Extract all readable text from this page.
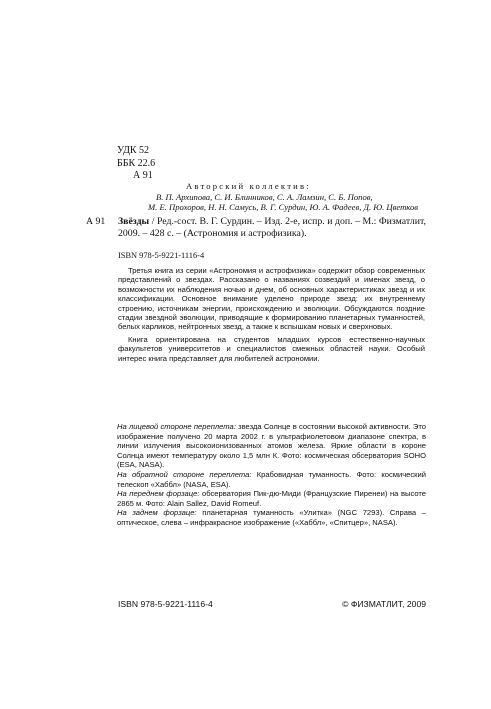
УДК 52
ББК 22.6
А 91
Авторский коллектив:
В. П. Архипова, С. И. Блинников, С. А. Ламзин, С. Б. Попов,
М. Е. Прохоров, Н. Н. Самусь, В. Г. Сурдин, Ю. А. Фадеев, Д. Ю. Цветков
А 91 Звёзды / Ред.-сост. В. Г. Сурдин. – Изд. 2-е, испр. и доп. – М.: Физматлит, 2009. – 428 с. – (Астрономия и астрофизика).
ISBN 978-5-9221-1116-4

Третья книга из серии «Астрономия и астрофизика» содержит обзор современных представлений о звездах. Рассказано о названиях созвездий и именах звезд, о возможности их наблюдения ночью и днем, об основных характеристиках звезд и их классификации. Основное внимание уделено природе звезд: их внутреннему строению, источникам энергии, происхождению и эволюции. Обсуждаются поздние стадии звездной эволюции, приводящие к формированию планетарных туманностей, белых карликов, нейтронных звезд, а также к вспышкам новых и сверхновых.

Книга ориентирована на студентов младших курсов естественно-научных факультетов университетов и специалистов смежных областей науки. Особый интерес книга представляет для любителей астрономии.

На лицевой стороне переплета: звезда Солнце в состоянии высокой активности. Это изображение получено 20 марта 2002 г. в ультрафиолетовом диапазоне спектра, в линии излучения высокоионизованных атомов железа. Яркие области в короне Солнца имеют температуру около 1,5 млн К. Фото: космическая обсерватория SOHO (ESA, NASA).

На обратной стороне переплета: Крабовидная туманность. Фото: космический телескоп «Хаббл» (NASA, ESA).

На переднем форзаце: обсерватория Пик-дю-Миди (Французские Пиренеи) на высоте 2865 м. Фото: Alain Sallez, David Romeuf.

На заднем форзаце: планетарная туманность «Улитка» (NGC 7293). Справа – оптическое, слева – инфракрасное изображение («Хаббл», «Спитцер», NASA).

ISBN 978-5-9221-1116-4	© ФИЗМАТЛИТ, 2009
